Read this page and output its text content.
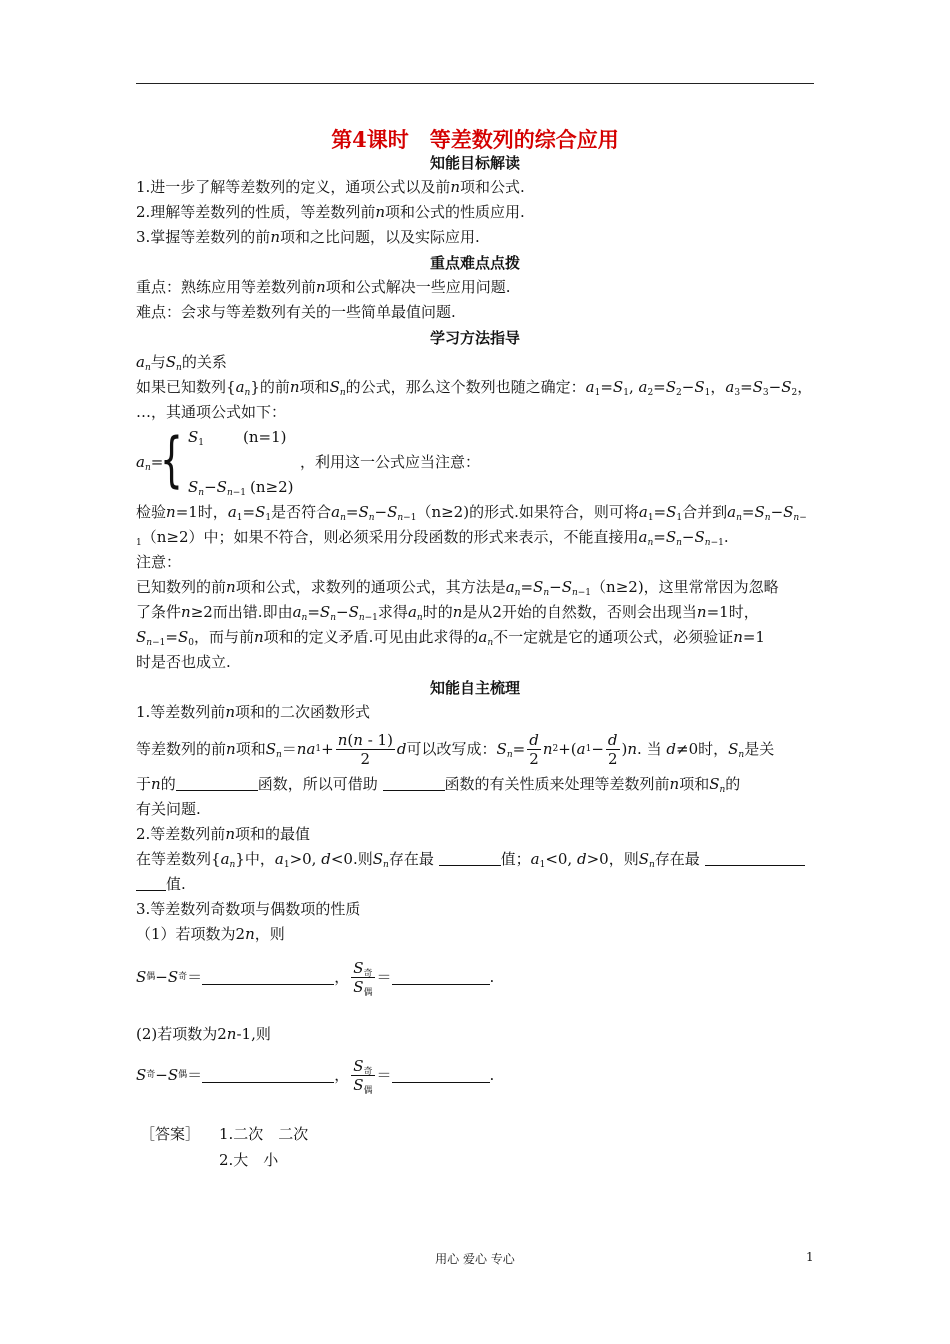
第4课时　等差数列的综合应用
知能目标解读
1.进一步了解等差数列的定义，通项公式以及前n项和公式.
2.理解等差数列的性质，等差数列前n项和公式的性质应用.
3.掌握等差数列的前n项和之比问题，以及实际应用.
重点难点点拨
重点：熟练应用等差数列前n项和公式解决一些应用问题.
难点：会求与等差数列有关的一些简单最值问题.
学习方法指导
$a_n$与$S_n$的关系
如果已知数列$\{a_n\}$的前n项和$S_n$的公式，那么这个数列也随之确定：$a_1=S_1$, $a_2=S_2-S_1$，$a_3=S_3-S_2$，
…，其通项公式如下：
$a_n=$
{ $S_1$	(n=1)
，利用这一公式应当注意：
$S_n-S_{n-1}$ (n≥2)
检验n=1时，$a_1=S_1$是否符合$a_n=S_n-S_{n-1}(n\ge 2)$的形式.如果符合，则可将$a_1=S_1$合并到$a_n=S_n-S_{n-}$
$_1$（n≥2）中；如果不符合，则必须采用分段函数的形式来表示，不能直接用$a_n=S_n-S_{n-1}$.
注意：
已知数列的前n项和公式，求数列的通项公式，其方法是$a_n=S_n-S_{n-1}(n\ge 2)$，这里常常因为忽略
了条件n≥2而出错.即由$a_n=S_n-S_{n-1}$求得$a_n$时的n是从2开始的自然数，否则会出现当n=1时，
$S_{n-1}=S_0$，而与前n项和的定义矛盾.可见由此求得的$a_n$不一定就是它的通项公式，必须验证n=1
时是否也成立.
知能自主梳理
1.等差数列前n项和的二次函数形式
等差数列的前 n 项和 $S_n$ ＝ na $1 + \frac{n(n - 1)}{2}$ d 可以改写成： $S_n = \frac{d}{2}$ n 2 +( a $1 - \frac{d}{2}$ ) n . 当
d ≠0时， $S_n$ 是关
于n的	函数，所以可借助	函数的有关性质来处理等差数列前n项和$S_n$的
有关问题.
2.等差数列前n项和的最值
在等差数列$\{a_n\}$中，$a_1>0$, d<0.则$S_n$存在最	值；$a_1<0$, d>0，则$S_n$存在最
值.
3.等差数列奇数项与偶数项的性质
（1）若项数为2n，则
S 偶 − S 奇 ＝	， $\frac{S_奇}{S_偶}$ ＝	.
(2)若项数为2n-1,则
S 奇 − S 偶 ＝	， $\frac{S_奇}{S_偶}$ ＝	.
［答案］ 1.二次　二次
2.大　小
用心 爱心 专心	1
